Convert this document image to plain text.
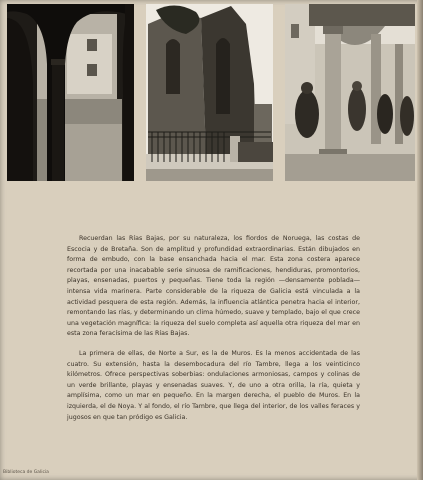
Recuerdan las Rías Bajas, por su naturaleza, los fiordos de Noruega, las costas de Escocia y de Bretaña. Son de amplitud y profundidad extraordinarias. Están dibujados en forma de embudo, con la base ensanchada hacia el mar. Esta zona costera aparece recortada por una inacabable serie sinuosa de ramificaciones, hendiduras, promontorios, playas, ensenadas, puertos y pequeñas. Tiene toda la región —densamente poblada— intensa vida marinera. Parte considerable de la riqueza de Galicia está vinculada a la actividad pesquera de esta región. Además, la influencia atlántica penetra hacia el interior, remontando las rías, y determinando un clima húmedo, suave y templado, bajo el que crece una vegetación magnífica: la riqueza del suelo completa así aquella otra riqueza del mar en esta zona feracísima de las Rías Bajas.

La primera de ellas, de Norte a Sur, es la de Muros. Es la menos accidentada de las cuatro. Su extensión, hasta la desembocadura del río Tambre, llega a los veinticinco kilómetros. Ofrece perspectivas soberbias: ondulaciones armoniosas, campos y colinas de un verde brillante, playas y ensenadas suaves. Y, de uno a otra orilla, la ría, quieta y amplísima, como un mar en pequeño. En la margen derecha, el pueblo de Muros. En la izquierda, el de Noya. Y al fondo, el río Tambre, que llega del interior, de los valles feraces y jugosos en que tan pródigo es Galicia.

Biblioteca de Galicia
